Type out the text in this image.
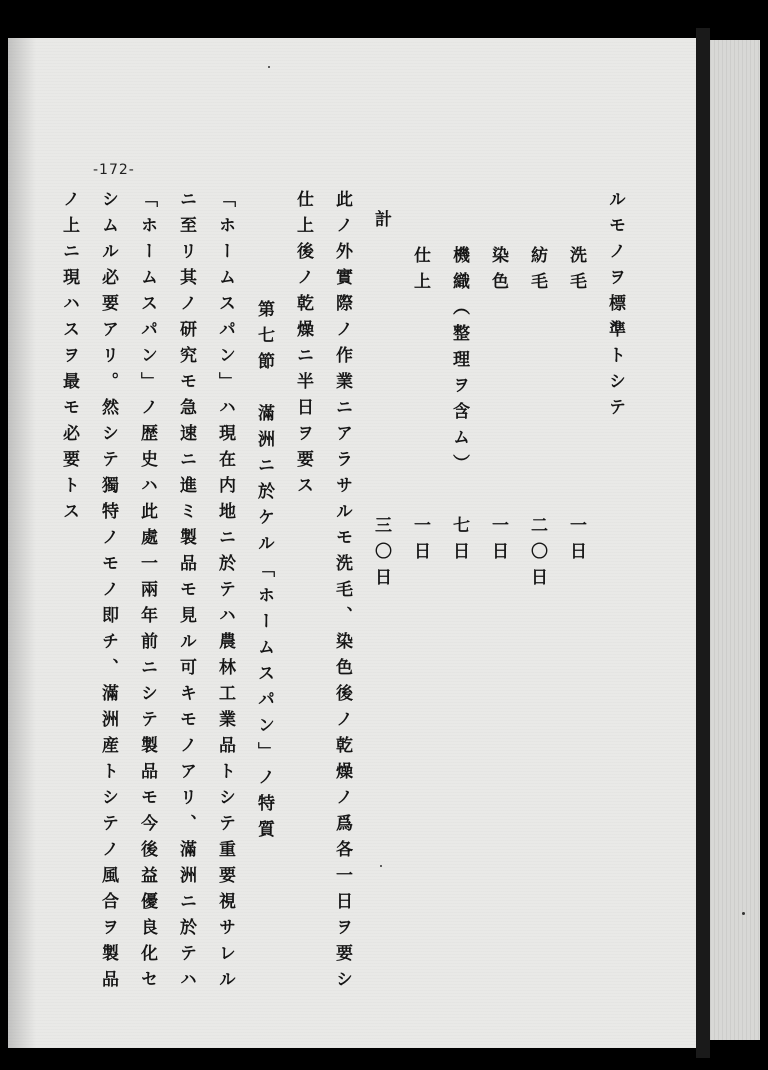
-172-
ルモノヲ標準トシテ
洗毛一日
紡毛二〇日
染色一日
機織（整理ヲ含ム）七日
仕上一日
計三〇日
此ノ外實際ノ作業ニアラサルモ洗毛、染色後ノ乾燥ノ爲各一日ヲ要シ
仕上後ノ乾燥ニ半日ヲ要ス
第七節　滿洲ニ於ケル「ホームスパン」ノ特質
「ホームスパン」ハ現在内地ニ於テハ農林工業品トシテ重要視サレル
ニ至リ其ノ研究モ急速ニ進ミ製品モ見ル可キモノアリ、滿洲ニ於テハ
「ホームスパン」ノ歴史ハ此處一兩年前ニシテ製品モ今後益優良化セ
シムル必要アリ。然シテ獨特ノモノ即チ、滿洲産トシテノ風合ヲ製品
ノ上ニ現ハスヲ最モ必要トス
